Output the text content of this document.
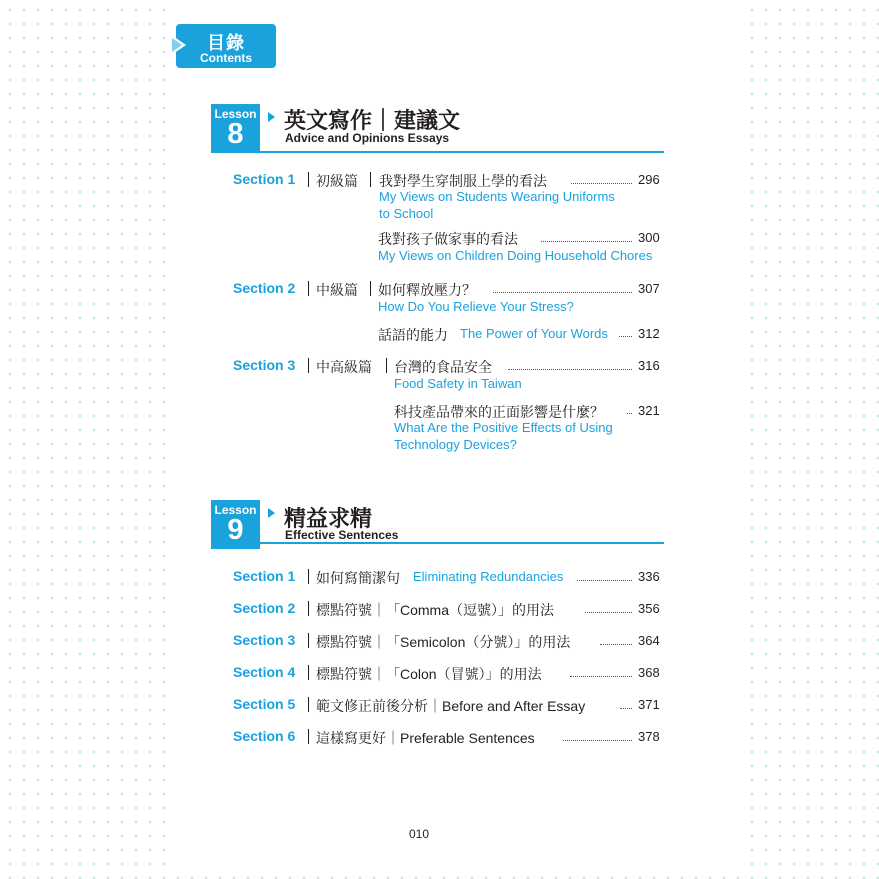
目錄
Contents
Lesson
8	英文寫作｜建議文
Advice and Opinions Essays
Section 1 初級篇 我對學生穿制服上學的看法	296
My Views on Students Wearing Uniforms
to School
我對孩子做家事的看法	300
My Views on Children Doing Household Chores
Section 2 中級篇 如何釋放壓力？	307
How Do You Relieve Your Stress?
話語的能力 The Power of Your Words 312
Section 3 中高級篇 台灣的食品安全	316
Food Safety in Taiwan
科技產品帶來的正面影響是什麼？	321
What Are the Positive Effects of Using
Technology Devices?
Lesson
9	精益求精
Effective Sentences
Section 1 如何寫簡潔句 Eliminating Redundancies	336
Section 2 標點符號｜「Comma（逗號）」的用法	356
Section 3 標點符號｜「Semicolon（分號）」的用法	364
Section 4 標點符號｜「Colon（冒號）」的用法	368
Section 5 範文修正前後分析｜Before and After Essay	371
Section 6 這樣寫更好｜Preferable Sentences	378
010
